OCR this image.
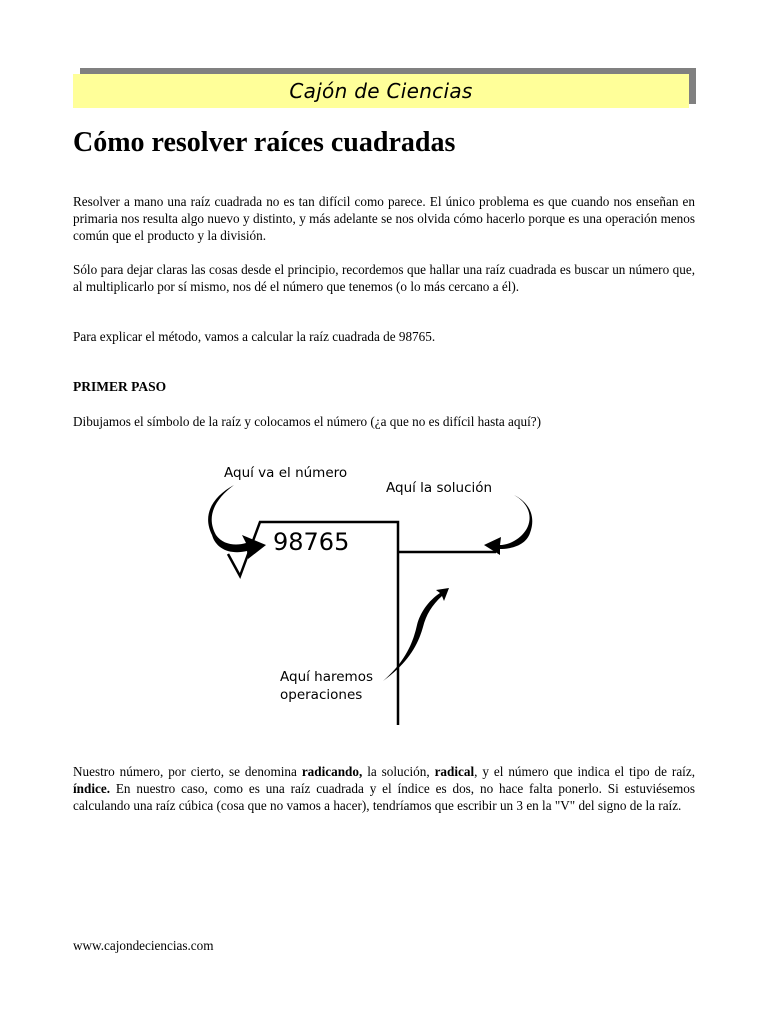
Cajón de Ciencias
Cómo resolver raíces cuadradas

Resolver a mano una raíz cuadrada no es tan difícil como parece. El único problema es que cuando nos enseñan en primaria nos resulta algo nuevo y distinto, y más adelante se nos olvida cómo hacerlo porque es una operación menos común que el producto y la división.

Sólo para dejar claras las cosas desde el principio, recordemos que hallar una raíz cuadrada es buscar un número que, al multiplicarlo por sí mismo, nos dé el número que tenemos (o lo más cercano a él).

Para explicar el método, vamos a calcular la raíz cuadrada de 98765.

PRIMER PASO

Dibujamos el símbolo de la raíz y colocamos el número (¿a que no es difícil hasta aquí?)

Aquí va el número
Aquí la solución
Aquí haremos
operaciones
98765

Nuestro número, por cierto, se denomina radicando, la solución, radical, y el número que indica el tipo de raíz, índice. En nuestro caso, como es una raíz cuadrada y el índice es dos, no hace falta ponerlo. Si estuviésemos calculando una raíz cúbica (cosa que no vamos a hacer), tendríamos que escribir un 3 en la "V" del signo de la raíz.

www.cajondeciencias.com
